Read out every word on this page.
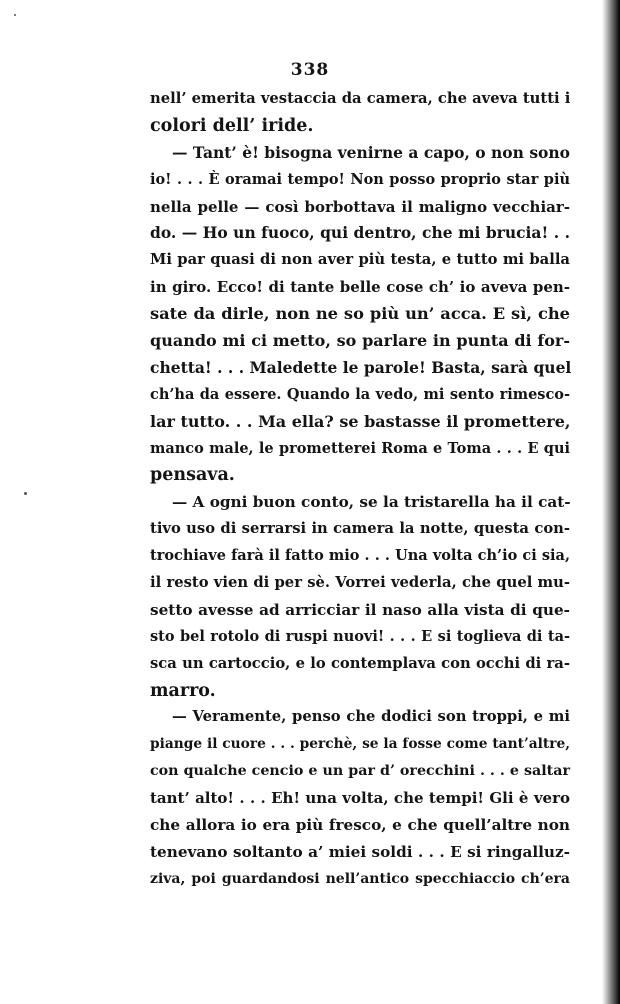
338
nell’ emerita vestaccia da camera, che aveva tutti i
colori dell’ iride.
— Tant’ è! bisogna venirne a capo, o non sono
io! . . . È oramai tempo! Non posso proprio star più
nella pelle — così borbottava il maligno vecchiar-
do. — Ho un fuoco, qui dentro, che mi brucia! . .
Mi par quasi di non aver più testa, e tutto mi balla
in giro. Ecco! di tante belle cose ch’ io aveva pen-
sate da dirle, non ne so più un’ acca. E sì, che
quando mi ci metto, so parlare in punta di for-
chetta! . . . Maledette le parole! Basta, sarà quel
ch’ha da essere. Quando la vedo, mi sento rimesco-
lar tutto. . . Ma ella? se bastasse il promettere,
manco male, le prometterei Roma e Toma . . . E qui
pensava.
— A ogni buon conto, se la tristarella ha il cat-
tivo uso di serrarsi in camera la notte, questa con-
trochiave farà il fatto mio . . . Una volta ch’io ci sia,
il resto vien di per sè. Vorrei vederla, che quel mu-
setto avesse ad arricciar il naso alla vista di que-
sto bel rotolo di ruspi nuovi! . . . E si toglieva di ta-
sca un cartoccio, e lo contemplava con occhi di ra-
marro.
— Veramente, penso che dodici son troppi, e mi
piange il cuore . . . perchè, se la fosse come tant’altre,
con qualche cencio e un par d’ orecchini . . . e saltar
tant’ alto! . . . Eh! una volta, che tempi! Gli è vero
che allora io era più fresco, e che quell’altre non
tenevano soltanto a’ miei soldi . . . E si ringalluz-
ziva, poi guardandosi nell’antico specchiaccio ch’era
